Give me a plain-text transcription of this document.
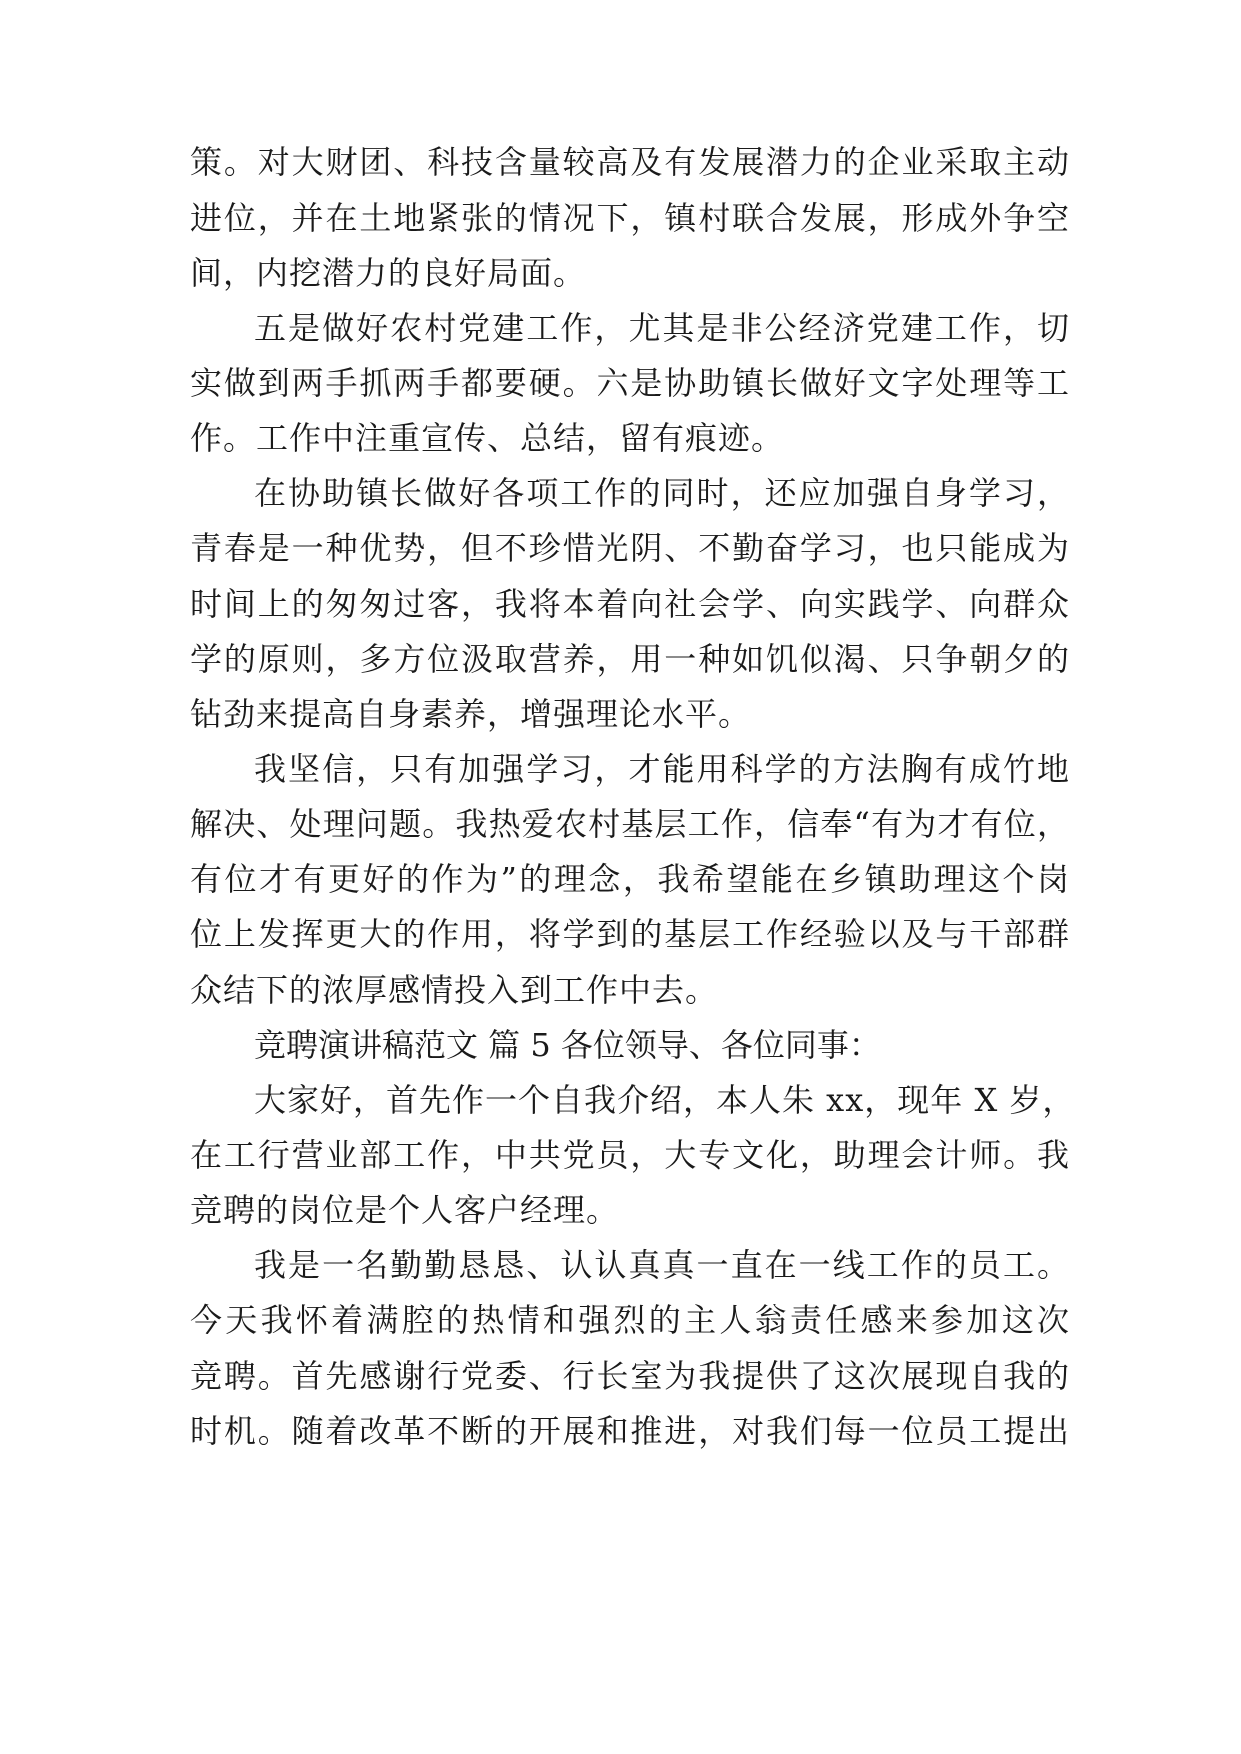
策。对大财团、科技含量较高及有发展潜力的企业采取主动
进位，并在土地紧张的情况下，镇村联合发展，形成外争空
间，内挖潜力的良好局面。
五是做好农村党建工作，尤其是非公经济党建工作，切
实做到两手抓两手都要硬。六是协助镇长做好文字处理等工
作。工作中注重宣传、总结，留有痕迹。
在协助镇长做好各项工作的同时，还应加强自身学习，
青春是一种优势，但不珍惜光阴、不勤奋学习，也只能成为
时间上的匆匆过客，我将本着向社会学、向实践学、向群众
学的原则，多方位汲取营养，用一种如饥似渴、只争朝夕的
钻劲来提高自身素养，增强理论水平。
我坚信，只有加强学习，才能用科学的方法胸有成竹地
解决、处理问题。我热爱农村基层工作，信奉“有为才有位，
有位才有更好的作为”的理念，我希望能在乡镇助理这个岗
位上发挥更大的作用，将学到的基层工作经验以及与干部群
众结下的浓厚感情投入到工作中去。
竞聘演讲稿范文 篇 5 各位领导、各位同事：
大家好，首先作一个自我介绍，本人朱 xx，现年 X 岁，
在工行营业部工作，中共党员，大专文化，助理会计师。我
竞聘的岗位是个人客户经理。
我是一名勤勤恳恳、认认真真一直在一线工作的员工。
今天我怀着满腔的热情和强烈的主人翁责任感来参加这次
竞聘。首先感谢行党委、行长室为我提供了这次展现自我的
时机。随着改革不断的开展和推进，对我们每一位员工提出
